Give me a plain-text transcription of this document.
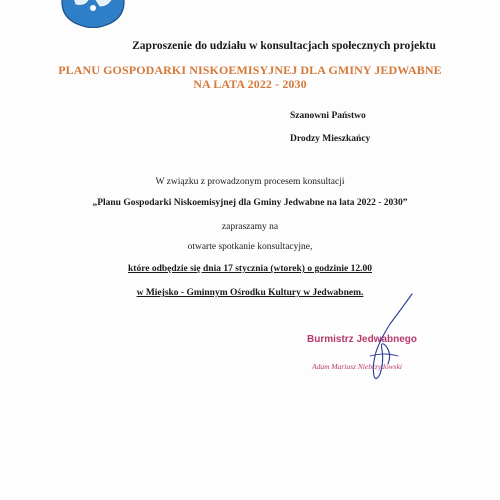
Zaproszenie do udziału w konsultacjach społecznych projektu
PLANU GOSPODARKI NISKOEMISYJNEJ DLA GMINY JEDWABNE
NA LATA 2022 - 2030
Szanowni Państwo
Drodzy Mieszkańcy
W związku z prowadzonym procesem konsultacji
„Planu Gospodarki Niskoemisyjnej dla Gminy Jedwabne na lata 2022 - 2030”
zapraszamy na
otwarte spotkanie konsultacyjne,
które odbędzie się dnia 17 stycznia (wtorek) o godzinie 12.00
w Miejsko - Gminnym Ośrodku Kultury w Jedwabnem.
Burmistrz Jedwabnego
Adam Mariusz Niebrzydowski
